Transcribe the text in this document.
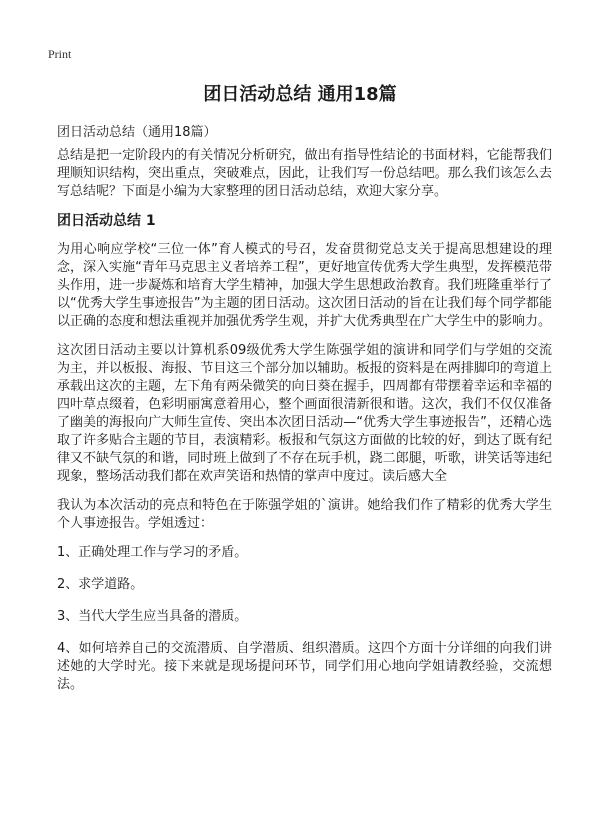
Print
团日活动总结 通用18篇

团日活动总结（通用18篇）

总结是把一定阶段内的有关情况分析研究，做出有指导性结论的书面材料，它能帮我们理顺知识结构，突出重点，突破难点，因此，让我们写一份总结吧。那么我们该怎么去写总结呢？下面是小编为大家整理的团日活动总结，欢迎大家分享。

团日活动总结 1

为用心响应学校“三位一体”育人模式的号召，发奋贯彻党总支关于提高思想建设的理念，深入实施“青年马克思主义者培养工程”，更好地宣传优秀大学生典型，发挥模范带头作用，进一步凝炼和培育大学生精神，加强大学生思想政治教育。我们班隆重举行了以“优秀大学生事迹报告”为主题的团日活动。这次团日活动的旨在让我们每个同学都能以正确的态度和想法重视并加强优秀学生观，并扩大优秀典型在广大学生中的影响力。

这次团日活动主要以计算机系09级优秀大学生陈强学姐的演讲和同学们与学姐的交流为主，并以板报、海报、节目这三个部分加以辅助。板报的资料是在两排脚印的弯道上承载出这次的主题，左下角有两朵微笑的向日葵在握手，四周都有带摆着幸运和幸福的四叶草点缀着，色彩明丽寓意着用心，整个画面很清新很和谐。这次，我们不仅仅准备了幽美的海报向广大师生宣传、突出本次团日活动—“优秀大学生事迹报告”，还精心选取了许多贴合主题的节目，表演精彩。板报和气氛这方面做的比较的好，到达了既有纪律又不缺气氛的和谐，同时班上做到了不存在玩手机，跷二郎腿，听歌，讲笑话等违纪现象，整场活动我们都在欢声笑语和热情的掌声中度过。读后感大全

我认为本次活动的亮点和特色在于陈强学姐的`演讲。她给我们作了精彩的优秀大学生个人事迹报告。学姐透过：

1、正确处理工作与学习的矛盾。

2、求学道路。

3、当代大学生应当具备的潜质。

4、如何培养自己的交流潜质、自学潜质、组织潜质。这四个方面十分详细的向我们讲述她的大学时光。接下来就是现场提问环节，同学们用心地向学姐请教经验，交流想法。
